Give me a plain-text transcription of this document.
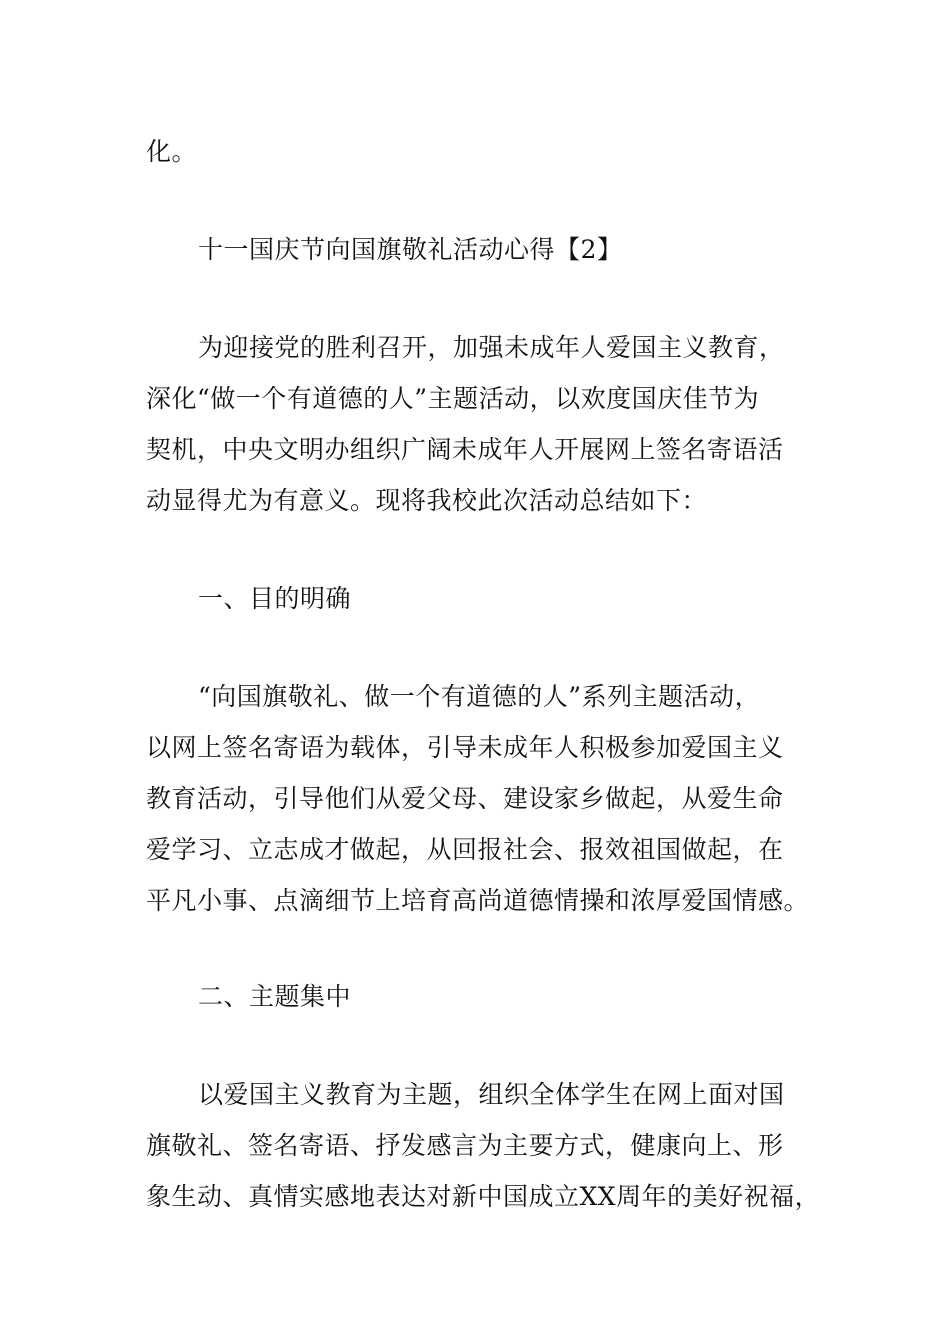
化。
十一国庆节向国旗敬礼活动心得【2】
为迎接党的胜利召开，加强未成年人爱国主义教育，
深化“做一个有道德的人”主题活动，以欢度国庆佳节为
契机，中央文明办组织广阔未成年人开展网上签名寄语活
动显得尤为有意义。现将我校此次活动总结如下：
一、目的明确
“向国旗敬礼、做一个有道德的人”系列主题活动，
以网上签名寄语为载体，引导未成年人积极参加爱国主义
教育活动，引导他们从爱父母、建设家乡做起，从爱生命
爱学习、立志成才做起，从回报社会、报效祖国做起，在
平凡小事、点滴细节上培育高尚道德情操和浓厚爱国情感。
二、主题集中
以爱国主义教育为主题，组织全体学生在网上面对国
旗敬礼、签名寄语、抒发感言为主要方式，健康向上、形
象生动、真情实感地表达对新中国成立XX周年的美好祝福，
